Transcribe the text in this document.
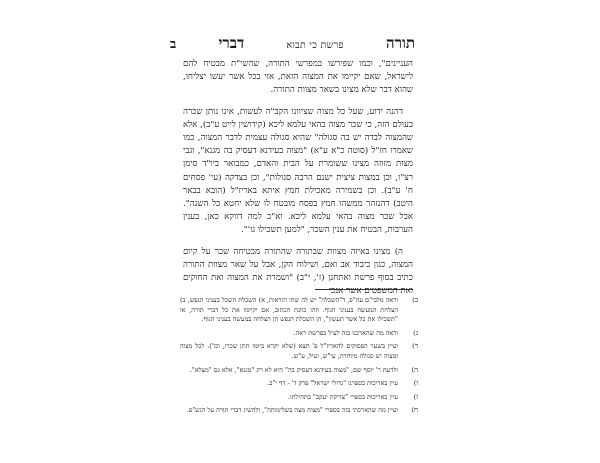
תורה
פרשת כי תבוא
דברי
ב

העניינים", וכמו שפירשו במפרשי התורה, שהשי"ת מבטיח להם לישראל, שאם יקיימו את המצוה הזאת, אזי בכל אשר יעשו יצליחו, שהוא דבר שלא מצינו בשאר מצוות התורה.

דהנה ידוע, שעל כל מצוה שציוונו הקב"ה לעשות, אינו נותן שכרה בעולם הזה, כי שכר מצוה בהאי עלמא ליכא (קידושין לייט ע"ב), אלא שהמצוה לבדה יש בה סגולה" שהיא סגולה עצמית לדבר המצוה, כמו שאמרו חז"ל (סוטה כ"א ע"א) "מצוה בעידנא דעסיק בה מגנא", וגבי מצות מזוזה מצינו ששומרת על הבית והאדם, כמבואר ביו"ד סימן רצ"ו, וכן במצות ציצית ישנם הרבה סגולות", וכן בצדקה (עי' פסחים ח' ע"ב). וכן בשמירה מאכילת חמץ איתא באריז"ל (הובא בבאר היטב) דהנזהר ממשהו חמץ בפסח מובטח לו שלא יחטא כל השנה". אבל שכר מצוה בהאי עלמא ליכא. וא"כ למה דווקא כאן, בענין הערבות, הבטיח את ענין השכר, "למען תשכילו גו'".

ה) מצינו באיזה מצוות שבתורה שהתורה מבטיחה שכר על קיום המצוה, כגון כיבוד אב ואם, ושילוח הקן, אבל על שאר מצוות התורה כתיב בסוף פרשת ואתחנן (ז', י"ב) "ושמרת את המצוה ואת החוקים ואת המשפטים אשר אנכי

ב)
וראה מלבי"ם עה"פ, ד"השכלה" יש לה שתי הוראות, א) השכלת השכל בעניני הנפש, ב) הצלחת המעשה בעניני הגוף. וזהו כוונת הכתוב, אם יקיימו את כל דברי תורה, או "תשכילו את כל אשר תעשון", הן השכלת הנפש הן הצלחה במעשה בעניני הגוף.
ג)
וראה מה שהארכנו בזה לעיל בפרשת ראה.
ד)
ועיין בשער הפסוקים להאריז"ל פ' תצא (שלא יקרא ביומו תתן שכרו, וכו'). לכל מצוה ומצוה יש סגולה מיוחדת, עי"ש, ועיל, ע"ש.
ה)
ולדעת ר' יוסף שם, "מצוה בעידנא דעסיק בה" היא לא רק "מגנא", אלא גם "מצלא".
ו)
עיין באריכות בספרנו "גדולי ישראל" פרק ד' - דף י"ב.
ז)
עיין באריכות בספרי "צדיקת יעקב" בתחילתו.
ח)
ועיין מה שהארכתי בזה בספרי "מצות מצה בשלימותה", ולהשיג דברי תורה על הגש"פ.
